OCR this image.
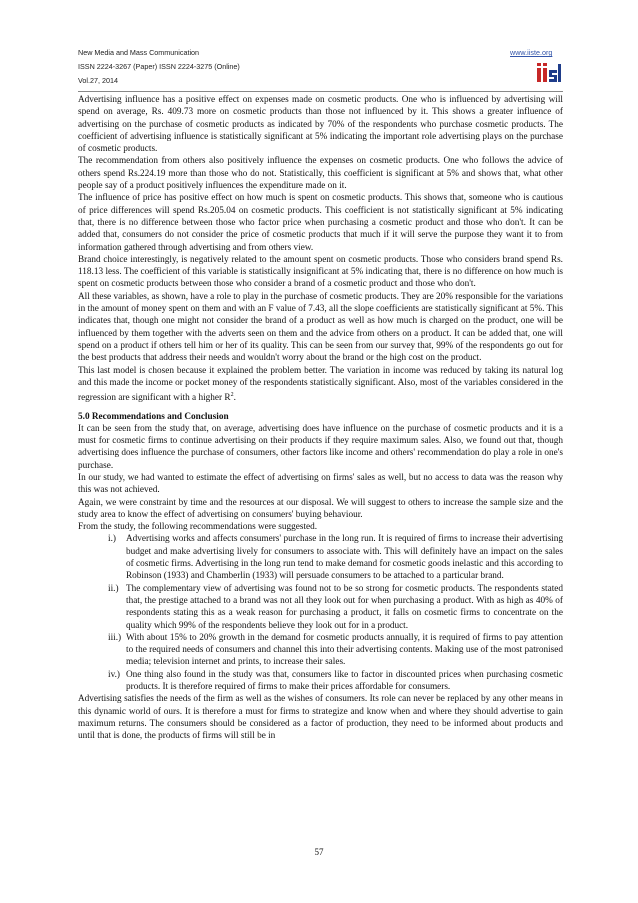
New Media and Mass Communication
ISSN 2224-3267 (Paper) ISSN 2224-3275 (Online)
Vol.27, 2014
www.iiste.org

Advertising influence has a positive effect on expenses made on cosmetic products. One who is influenced by advertising will spend on average, Rs. 409.73 more on cosmetic products than those not influenced by it. This shows a greater influence of advertising on the purchase of cosmetic products as indicated by 70% of the respondents who purchase cosmetic products. The coefficient of advertising influence is statistically significant at 5% indicating the important role advertising plays on the purchase of cosmetic products.

The recommendation from others also positively influence the expenses on cosmetic products. One who follows the advice of others spend Rs.224.19 more than those who do not. Statistically, this coefficient is significant at 5% and shows that, what other people say of a product positively influences the expenditure made on it.

The influence of price has positive effect on how much is spent on cosmetic products. This shows that, someone who is cautious of price differences will spend Rs.205.04 on cosmetic products. This coefficient is not statistically significant at 5% indicating that, there is no difference between those who factor price when purchasing a cosmetic product and those who don't. It can be added that, consumers do not consider the price of cosmetic products that much if it will serve the purpose they want it to from information gathered through advertising and from others view.

Brand choice interestingly, is negatively related to the amount spent on cosmetic products. Those who considers brand spend Rs. 118.13 less. The coefficient of this variable is statistically insignificant at 5% indicating that, there is no difference on how much is spent on cosmetic products between those who consider a brand of a cosmetic product and those who don't.

All these variables, as shown, have a role to play in the purchase of cosmetic products. They are 20% responsible for the variations in the amount of money spent on them and with an F value of 7.43, all the slope coefficients are statistically significant at 5%. This indicates that, though one might not consider the brand of a product as well as how much is charged on the product, one will be influenced by them together with the adverts seen on them and the advice from others on a product. It can be added that, one will spend on a product if others tell him or her of its quality. This can be seen from our survey that, 99% of the respondents go out for the best products that address their needs and wouldn't worry about the brand or the high cost on the product.

This last model is chosen because it explained the problem better. The variation in income was reduced by taking its natural log and this made the income or pocket money of the respondents statistically significant. Also, most of the variables considered in the regression are significant with a higher $R^2$.

5.0 Recommendations and Conclusion

It can be seen from the study that, on average, advertising does have influence on the purchase of cosmetic products and it is a must for cosmetic firms to continue advertising on their products if they require maximum sales. Also, we found out that, though advertising does influence the purchase of consumers, other factors like income and others' recommendation do play a role in one's purchase.

In our study, we had wanted to estimate the effect of advertising on firms' sales as well, but no access to data was the reason why this was not achieved.

Again, we were constraint by time and the resources at our disposal. We will suggest to others to increase the sample size and the study area to know the effect of advertising on consumers' buying behaviour.

From the study, the following recommendations were suggested.

i.)	Advertising works and affects consumers' purchase in the long run. It is required of firms to increase their advertising budget and make advertising lively for consumers to associate with. This will definitely have an impact on the sales of cosmetic firms. Advertising in the long run tend to make demand for cosmetic goods inelastic and this according to Robinson (1933) and Chamberlin (1933) will persuade consumers to be attached to a particular brand.
ii.) The complementary view of advertising was found not to be so strong for cosmetic products. The respondents stated that, the prestige attached to a brand was not all they look out for when purchasing a product. With as high as 40% of respondents stating this as a weak reason for purchasing a product, it falls on cosmetic firms to concentrate on the quality which 99% of the respondents believe they look out for in a product.
iii.) With about 15% to 20% growth in the demand for cosmetic products annually, it is required of firms to pay attention to the required needs of consumers and channel this into their advertising contents. Making use of the most patronised media; television internet and prints, to increase their sales.
iv.) One thing also found in the study was that, consumers like to factor in discounted prices when purchasing cosmetic products. It is therefore required of firms to make their prices affordable for consumers.

Advertising satisfies the needs of the firm as well as the wishes of consumers. Its role can never be replaced by any other means in this dynamic world of ours. It is therefore a must for firms to strategize and know when and where they should advertise to gain maximum returns. The consumers should be considered as a factor of production, they need to be informed about products and until that is done, the products of firms will still be in

57
